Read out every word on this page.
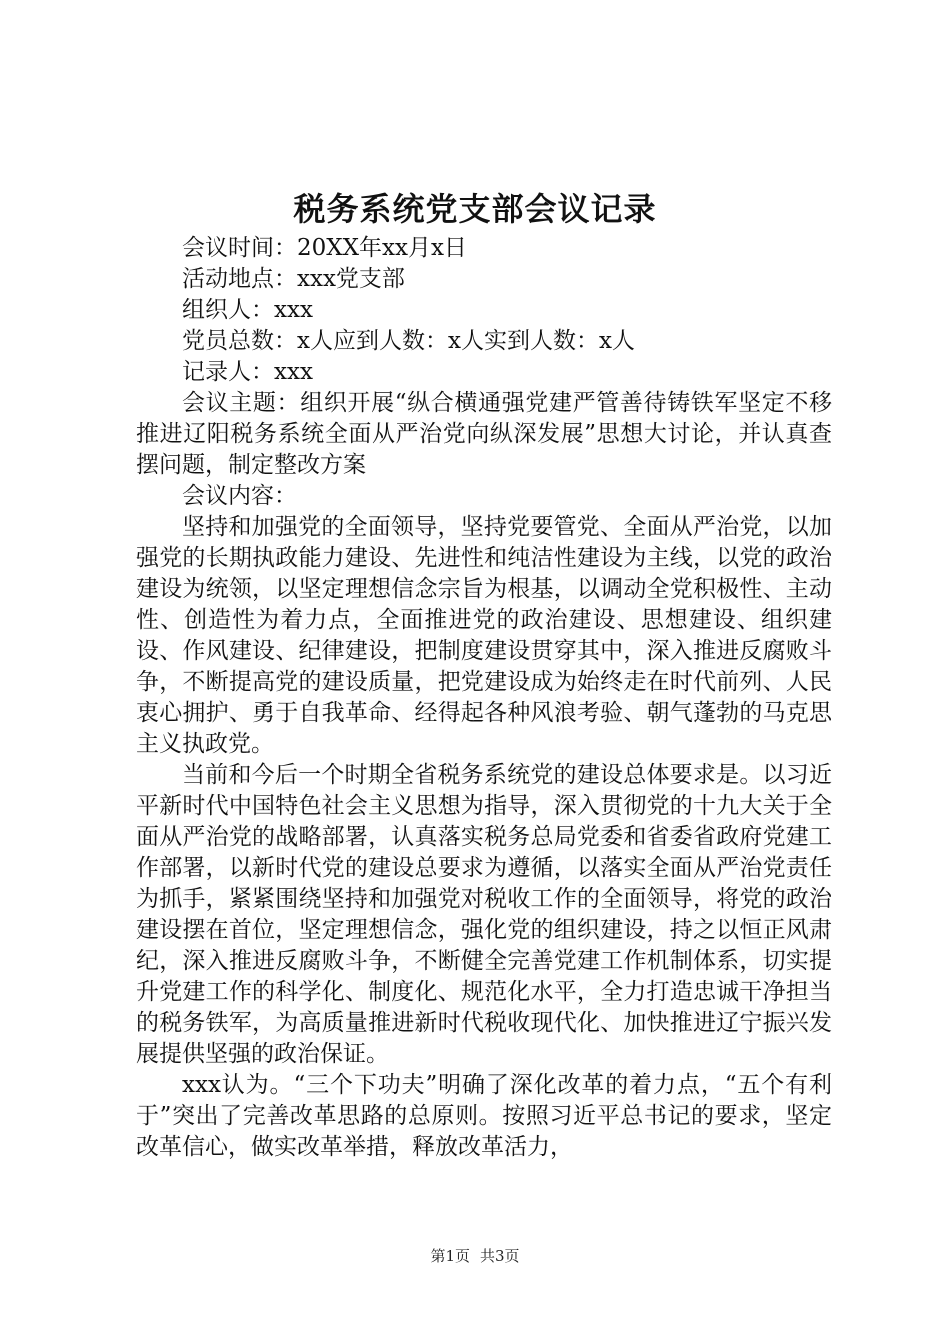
税务系统党支部会议记录

会议时间：20XX年xx月x日

活动地点：xxx党支部

组织人：xxx

党员总数：x人应到人数：x人实到人数：x人

记录人：xxx

会议主题：组织开展“纵合横通强党建严管善待铸铁军坚定不移推进辽阳税务系统全面从严治党向纵深发展”思想大讨论，并认真查摆问题，制定整改方案

会议内容：

坚持和加强党的全面领导，坚持党要管党、全面从严治党，以加强党的长期执政能力建设、先进性和纯洁性建设为主线，以党的政治建设为统领，以坚定理想信念宗旨为根基，以调动全党积极性、主动性、创造性为着力点，全面推进党的政治建设、思想建设、组织建设、作风建设、纪律建设，把制度建设贯穿其中，深入推进反腐败斗争，不断提高党的建设质量，把党建设成为始终走在时代前列、人民衷心拥护、勇于自我革命、经得起各种风浪考验、朝气蓬勃的马克思主义执政党。

当前和今后一个时期全省税务系统党的建设总体要求是。以习近平新时代中国特色社会主义思想为指导，深入贯彻党的十九大关于全面从严治党的战略部署，认真落实税务总局党委和省委省政府党建工作部署，以新时代党的建设总要求为遵循，以落实全面从严治党责任为抓手，紧紧围绕坚持和加强党对税收工作的全面领导，将党的政治建设摆在首位，坚定理想信念，强化党的组织建设，持之以恒正风肃纪，深入推进反腐败斗争，不断健全完善党建工作机制体系，切实提升党建工作的科学化、制度化、规范化水平，全力打造忠诚干净担当的税务铁军，为高质量推进新时代税收现代化、加快推进辽宁振兴发展提供坚强的政治保证。

xxx认为。“三个下功夫”明确了深化改革的着力点，“五个有利于”突出了完善改革思路的总原则。按照习近平总书记的要求，坚定改革信心，做实改革举措，释放改革活力，

第1页 共3页
